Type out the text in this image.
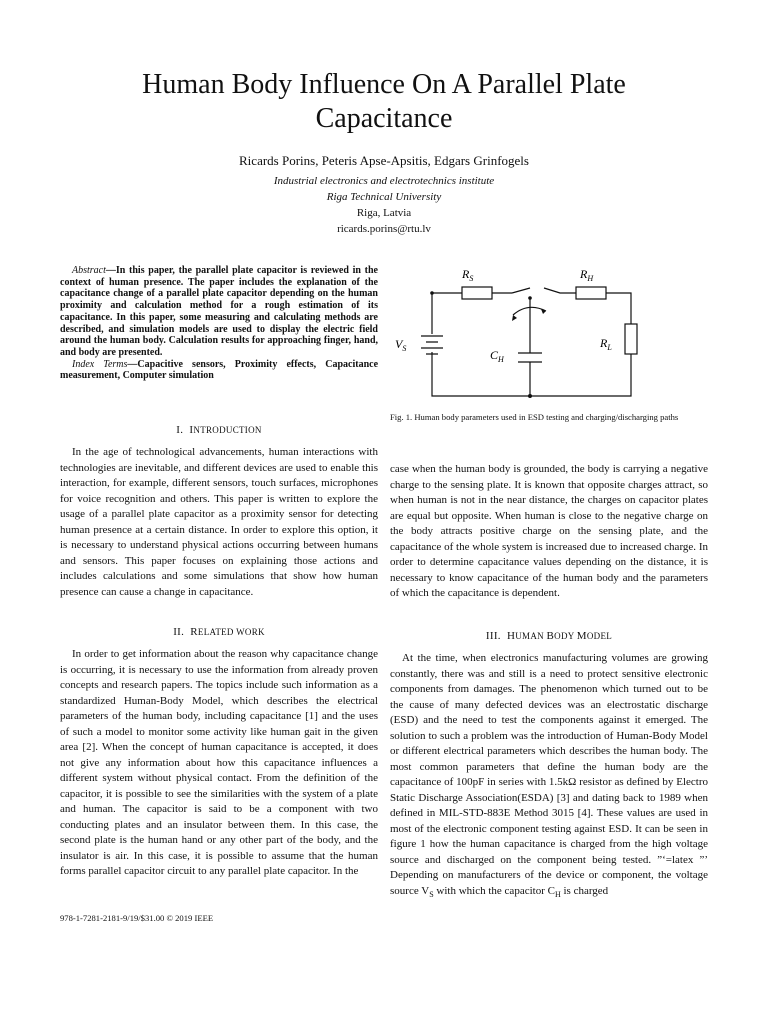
Human Body Influence On A Parallel Plate
Capacitance
Ricards Porins, Peteris Apse-Apsitis, Edgars Grinfogels
Industrial electronics and electrotechnics institute
Riga Technical University
Riga, Latvia
ricards.porins@rtu.lv

Abstract—In this paper, the parallel plate capacitor is reviewed in the context of human presence. The paper includes the explanation of the capacitance change of a parallel plate capacitor depending on the human proximity and calculation method for a rough estimation of its capacitance. In this paper, some measuring and calculating methods are described, and simulation models are used to display the electric field around the human body. Calculation results for approaching finger, hand, and body are presented.

Index Terms—Capacitive sensors, Proximity effects, Capacitance measurement, Computer simulation

I. INTRODUCTION

In the age of technological advancements, human interactions with technologies are inevitable, and different devices are used to enable this interaction, for example, different sensors, touch surfaces, microphones for voice recognition and others. This paper is written to explore the usage of a parallel plate capacitor as a proximity sensor for detecting human presence at a certain distance. In order to explore this option, it is necessary to understand physical actions occurring between humans and sensors. This paper focuses on explaining those actions and includes calculations and some simulations that show how human presence can cause a change in capacitance.

II. RELATED WORK

In order to get information about the reason why capacitance change is occurring, it is necessary to use the information from already proven concepts and research papers. The topics include such information as a standardized Human-Body Model, which describes the electrical parameters of the human body, including capacitance [1] and the uses of such a model to monitor some activity like human gait in the given area [2]. When the concept of human capacitance is accepted, it does not give any information about how this capacitance influences a different system without physical contact. From the definition of the capacitor, it is possible to see the similarities with the system of a plate and human. The capacitor is said to be a component with two conducting plates and an insulator between them. In this case, the second plate is the human hand or any other part of the body, and the insulator is air. In this case, it is possible to assume that the human forms parallel capacitor circuit to any parallel plate capacitor. In the

978-1-7281-2181-9/19/$31.00 © 2019 IEEE
$R_S$	$R_H$
$V_S$	$C_H$
$R_L$
Fig. 1. Human body parameters used in ESD testing and charging/discharging paths

case when the human body is grounded, the body is carrying a negative charge to the sensing plate. It is known that opposite charges attract, so when human is not in the near distance, the charges on capacitor plates are equal but opposite. When human is close to the negative charge on the body attracts positive charge on the sensing plate, and the capacitance of the whole system is increased due to increased charge. In order to determine capacitance values depending on the distance, it is necessary to know capacitance of the human body and the parameters of which the capacitance is dependent.

III. HUMAN BODY MODEL

At the time, when electronics manufacturing volumes are growing constantly, there was and still is a need to protect sensitive electronic components from damages. The phenomenon which turned out to be the cause of many defected devices was an electrostatic discharge (ESD) and the need to test the components against it emerged. The solution to such a problem was the introduction of Human-Body Model or different electrical parameters which describes the human body. The most common parameters that define the human body are the capacitance of 100pF in series with 1.5kΩ resistor as defined by Electro Static Discharge Association(ESDA) [3] and dating back to 1989 when defined in MIL-STD-883E Method 3015 [4]. These values are used in most of the electronic component testing against ESD. It can be seen in figure 1 how the human capacitance is charged from the high voltage source and discharged on the component being tested. ”‘=latex ”’ Depending on manufacturers of the device or component, the voltage source $V_S$ with which the capacitor $C_H$ is charged
